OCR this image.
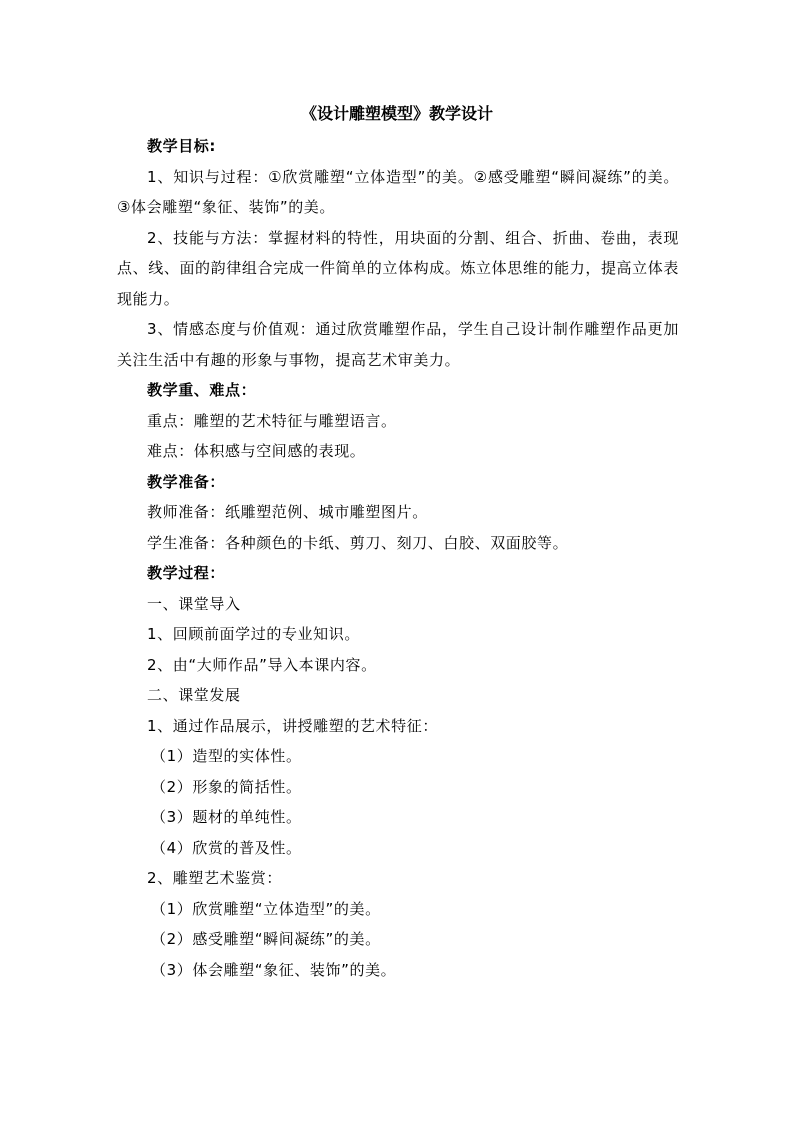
《设计雕塑模型》教学设计

教学目标:

1、知识与过程：①欣赏雕塑“立体造型”的美。②感受雕塑“瞬间凝练”的美。③体会雕塑“象征、装饰”的美。

2、技能与方法：掌握材料的特性，用块面的分割、组合、折曲、卷曲，表现点、线、面的韵律组合完成一件简单的立体构成。炼立体思维的能力，提高立体表现能力。

3、情感态度与价值观：通过欣赏雕塑作品，学生自己设计制作雕塑作品更加关注生活中有趣的形象与事物，提高艺术审美力。

教学重、难点：

重点：雕塑的艺术特征与雕塑语言。

难点：体积感与空间感的表现。

教学准备：

教师准备：纸雕塑范例、城市雕塑图片。

学生准备：各种颜色的卡纸、剪刀、刻刀、白胶、双面胶等。

教学过程：

一、课堂导入

1、回顾前面学过的专业知识。

2、由“大师作品”导入本课内容。

二、课堂发展

1、通过作品展示，讲授雕塑的艺术特征：

（1）造型的实体性。

（2）形象的简括性。

（3）题材的单纯性。

（4）欣赏的普及性。

2、雕塑艺术鉴赏：

（1）欣赏雕塑“立体造型”的美。

（2）感受雕塑“瞬间凝练”的美。

（3）体会雕塑“象征、装饰”的美。
